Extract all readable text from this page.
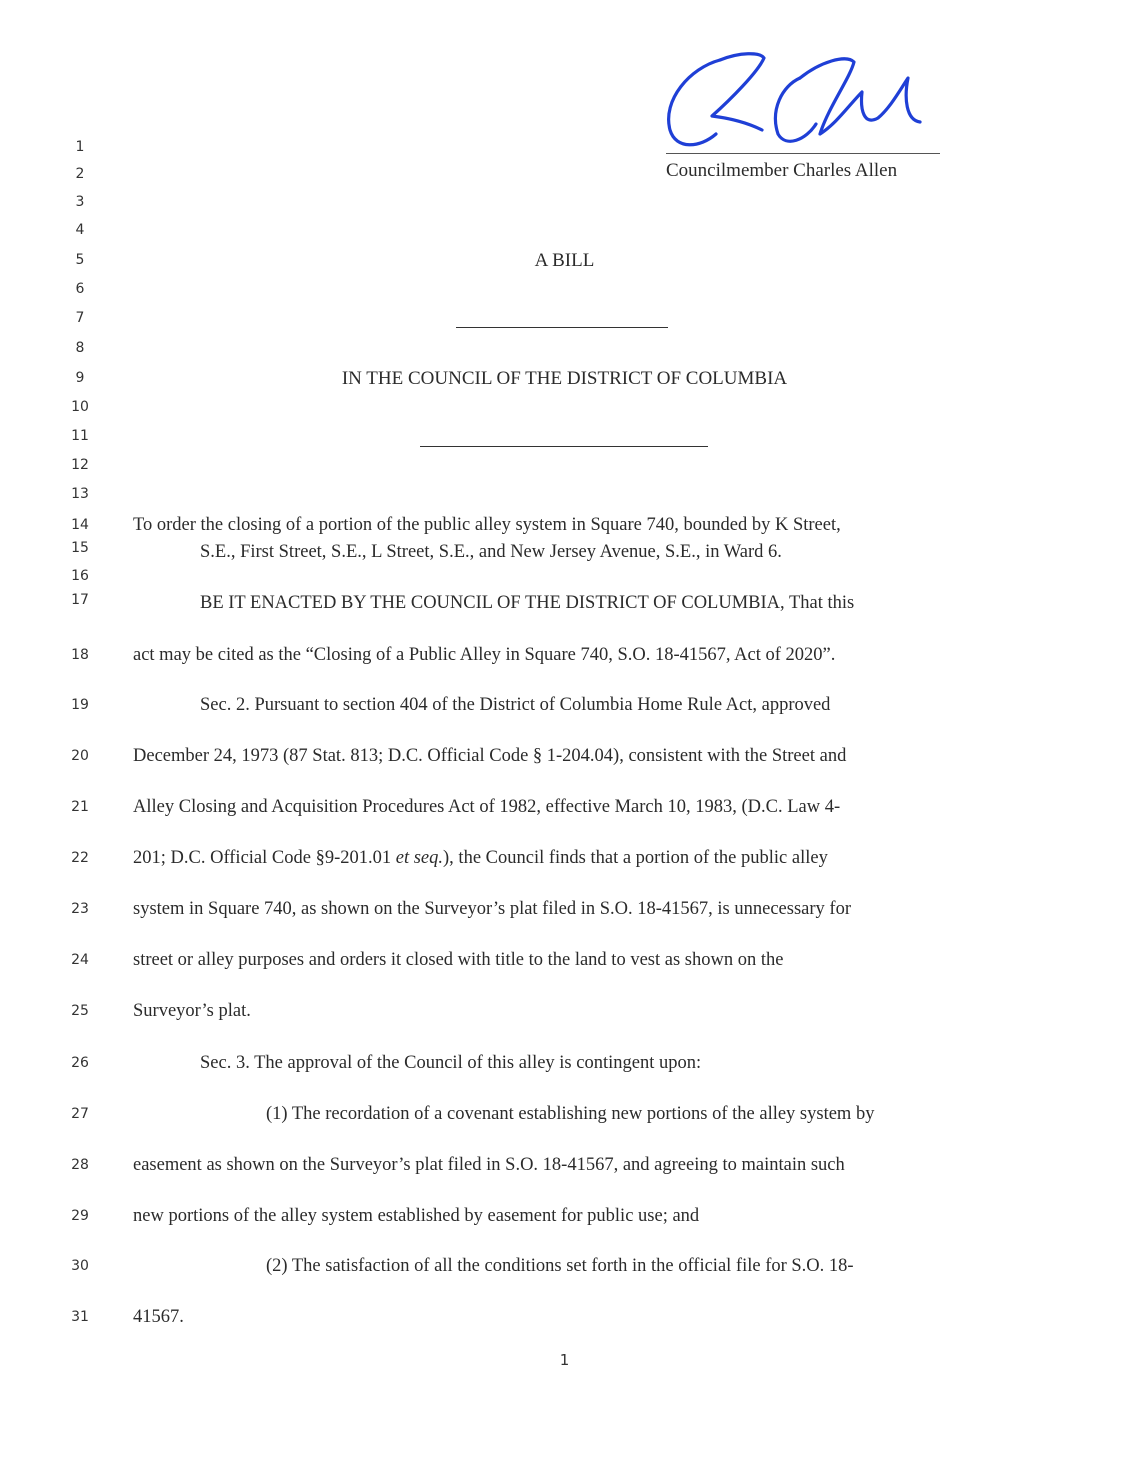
Councilmember Charles Allen
1
2
3
4
5
6
7
8
9
10
11
12
13
14
15
16
17
18
19
20
21
22
23
24
25
26
27
28
29
30
31
A BILL
IN THE COUNCIL OF THE DISTRICT OF COLUMBIA
To order the closing of a portion of the public alley system in Square 740, bounded by K Street,
S.E., First Street, S.E., L Street, S.E., and New Jersey Avenue, S.E., in Ward 6.
BE IT ENACTED BY THE COUNCIL OF THE DISTRICT OF COLUMBIA, That this
act may be cited as the “Closing of a Public Alley in Square 740, S.O. 18-41567, Act of 2020”.
Sec. 2. Pursuant to section 404 of the District of Columbia Home Rule Act, approved
December 24, 1973 (87 Stat. 813; D.C. Official Code § 1-204.04), consistent with the Street and
Alley Closing and Acquisition Procedures Act of 1982, effective March 10, 1983, (D.C. Law 4-
201; D.C. Official Code §9-201.01 et seq.), the Council finds that a portion of the public alley
system in Square 740, as shown on the Surveyor’s plat filed in S.O. 18-41567, is unnecessary for
street or alley purposes and orders it closed with title to the land to vest as shown on the
Surveyor’s plat.
Sec. 3. The approval of the Council of this alley is contingent upon:
(1) The recordation of a covenant establishing new portions of the alley system by
easement as shown on the Surveyor’s plat filed in S.O. 18-41567, and agreeing to maintain such
new portions of the alley system established by easement for public use; and
(2) The satisfaction of all the conditions set forth in the official file for S.O. 18-
41567.
1
